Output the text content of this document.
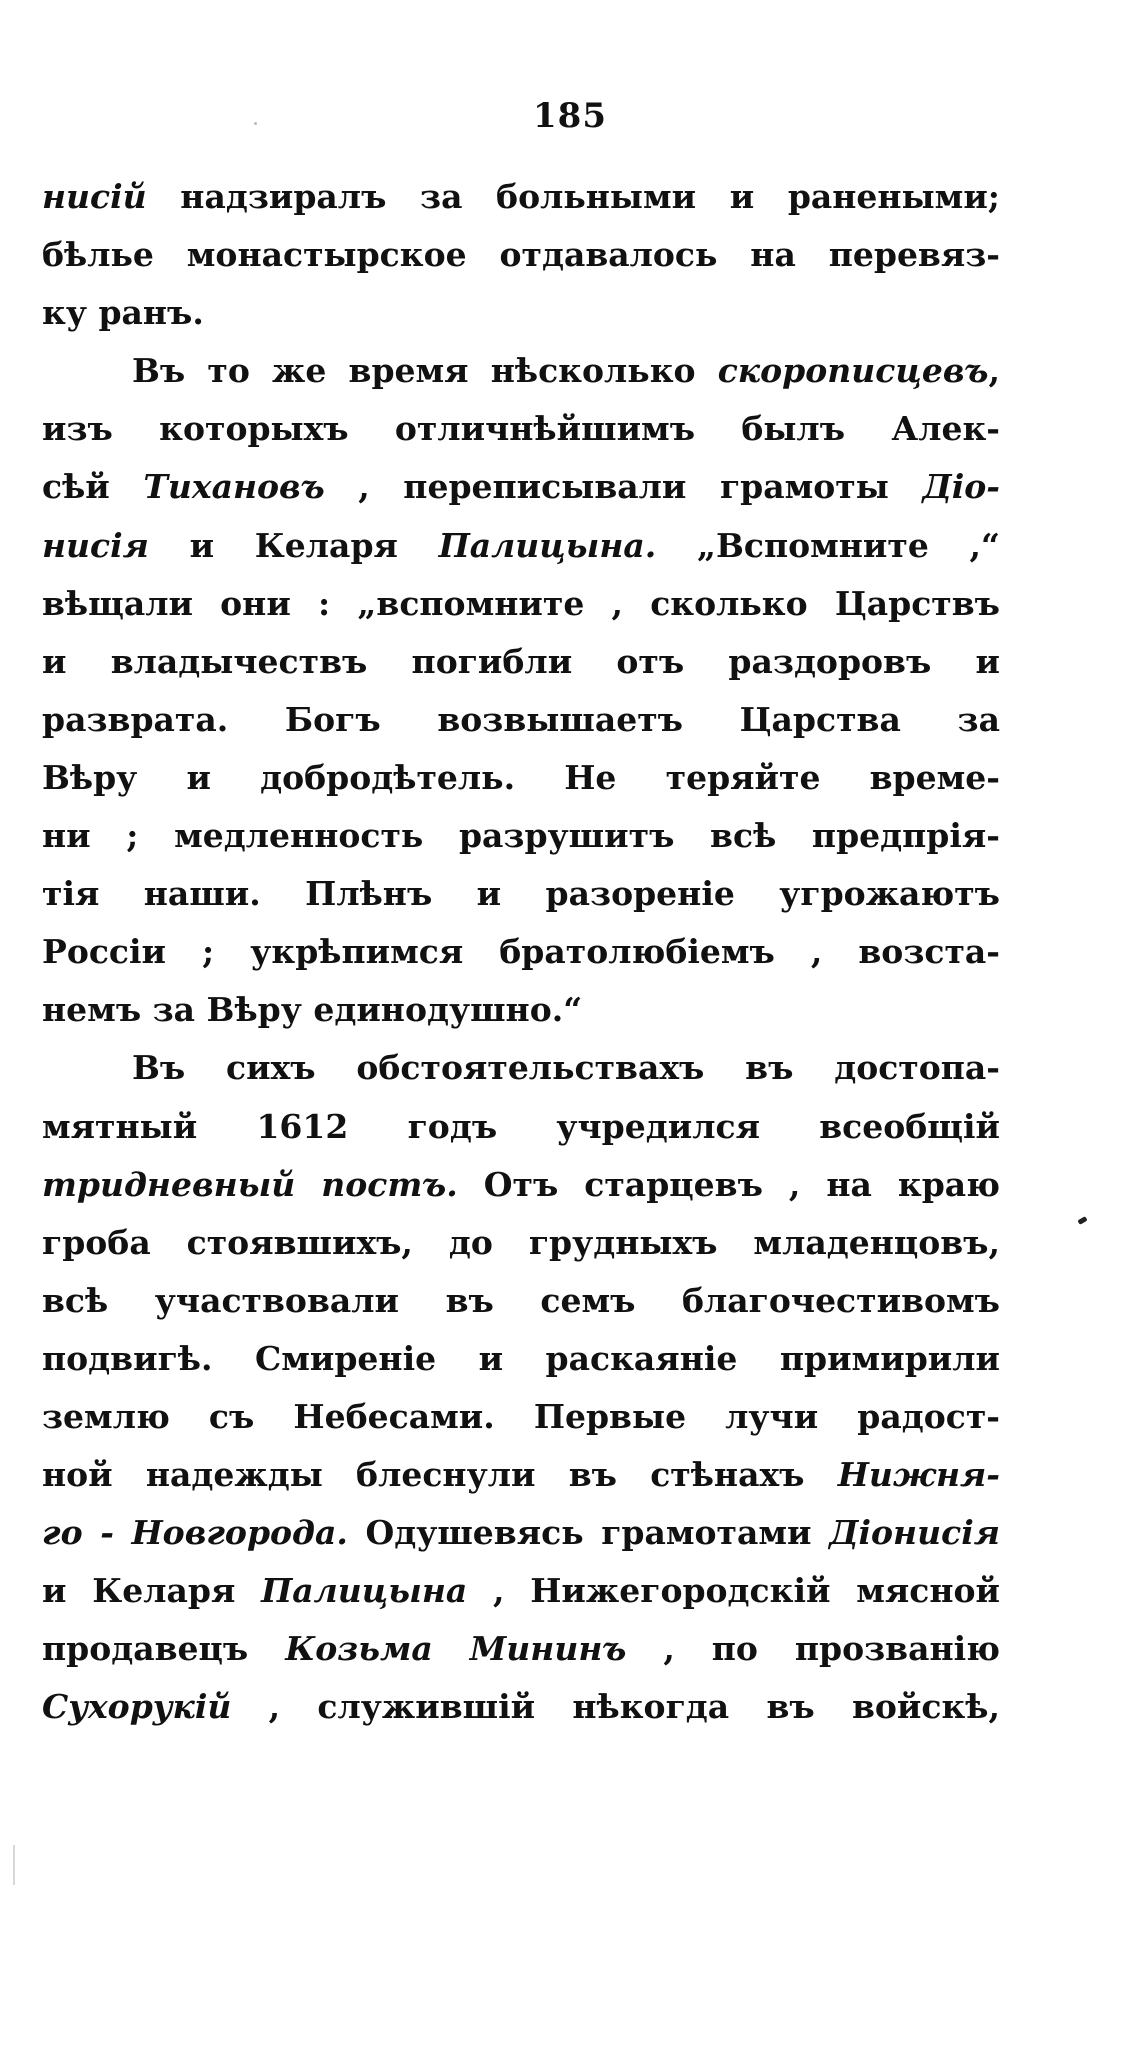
185
нисій надзиралъ за больными и ранеными;
бѣлье монастырское отдавалось на перевяз-
ку ранъ.
Въ то же время нѣсколько скорописцевъ,
изъ которыхъ отличнѣйшимъ былъ Алек-
сѣй Тихановъ , переписывали грамоты Діо-
нисія и Келаря Палицына. „Вспомните ,“
вѣщали они : „вспомните , сколько Царствъ
и владычествъ погибли отъ раздоровъ и
разврата. Богъ возвышаетъ Царства за
Вѣру и добродѣтель. Не теряйте време-
ни ; медленность разрушитъ всѣ предпрія-
тія наши. Плѣнъ и разореніе угрожаютъ
Россіи ; укрѣпимся братолюбіемъ , возста-
немъ за Вѣру единодушно.“
Въ сихъ обстоятельствахъ въ достопа-
мятный 1612 годъ учредился всеобщій
тридневный постъ. Отъ старцевъ , на краю
гроба стоявшихъ, до грудныхъ младенцовъ,
всѣ участвовали въ семъ благочестивомъ
подвигѣ. Смиреніе и раскаяніе примирили
землю съ Небесами. Первые лучи радост-
ной надежды блеснули въ стѣнахъ Нижня-
го - Новгорода. Одушевясь грамотами Діонисія
и Келаря Палицына , Нижегородскій мясной
продавецъ Козьма Мининъ , по прозванію
Сухорукій , служившій нѣкогда въ войскѣ,
